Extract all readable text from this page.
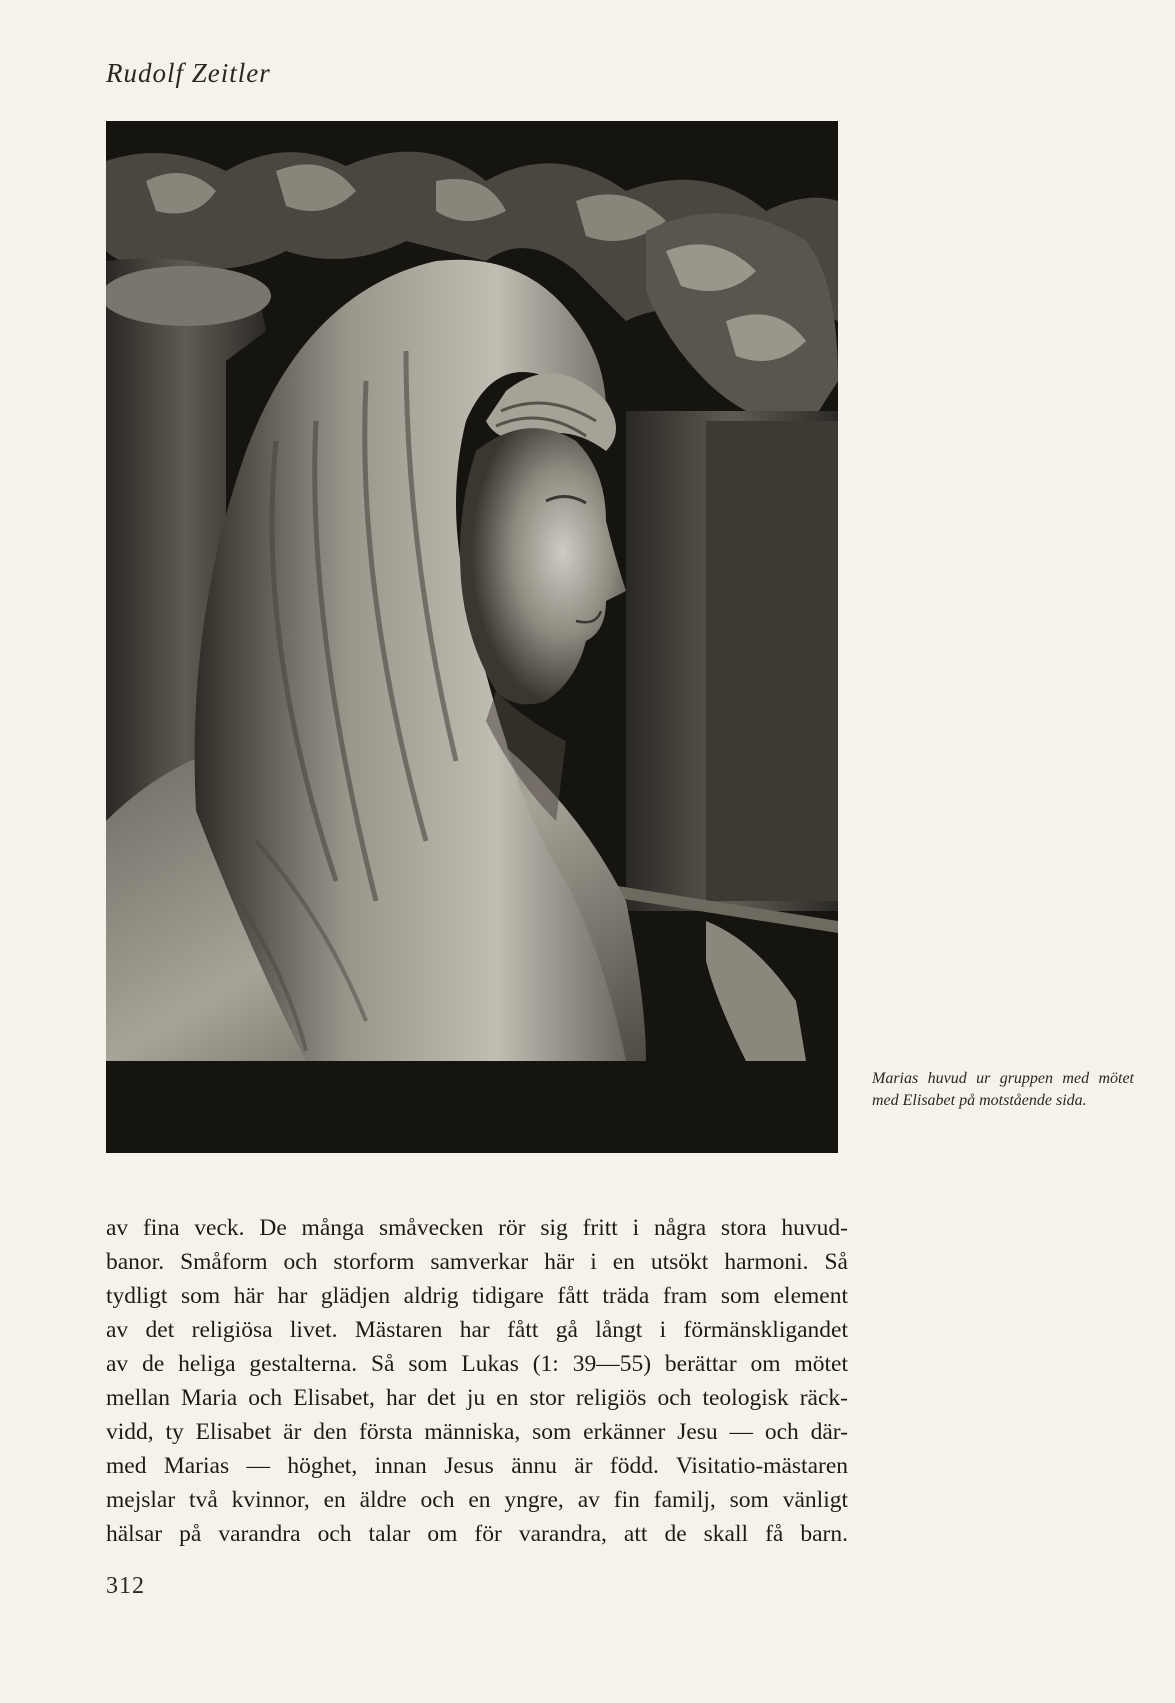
Rudolf Zeitler
Marias huvud ur gruppen med mötet med Elisabet på motstående sida.
av fina veck. De många småvecken rör sig fritt i några stora huvud-
banor. Småform och storform samverkar här i en utsökt harmoni. Så
tydligt som här har glädjen aldrig tidigare fått träda fram som element
av det religiösa livet. Mästaren har fått gå långt i förmänskligandet
av de heliga gestalterna. Så som Lukas (1: 39—55) berättar om mötet
mellan Maria och Elisabet, har det ju en stor religiös och teologisk räck-
vidd, ty Elisabet är den första människa, som erkänner Jesu — och där-
med Marias — höghet, innan Jesus ännu är född. Visitatio-mästaren
mejslar två kvinnor, en äldre och en yngre, av fin familj, som vänligt
hälsar på varandra och talar om för varandra, att de skall få barn.
312
